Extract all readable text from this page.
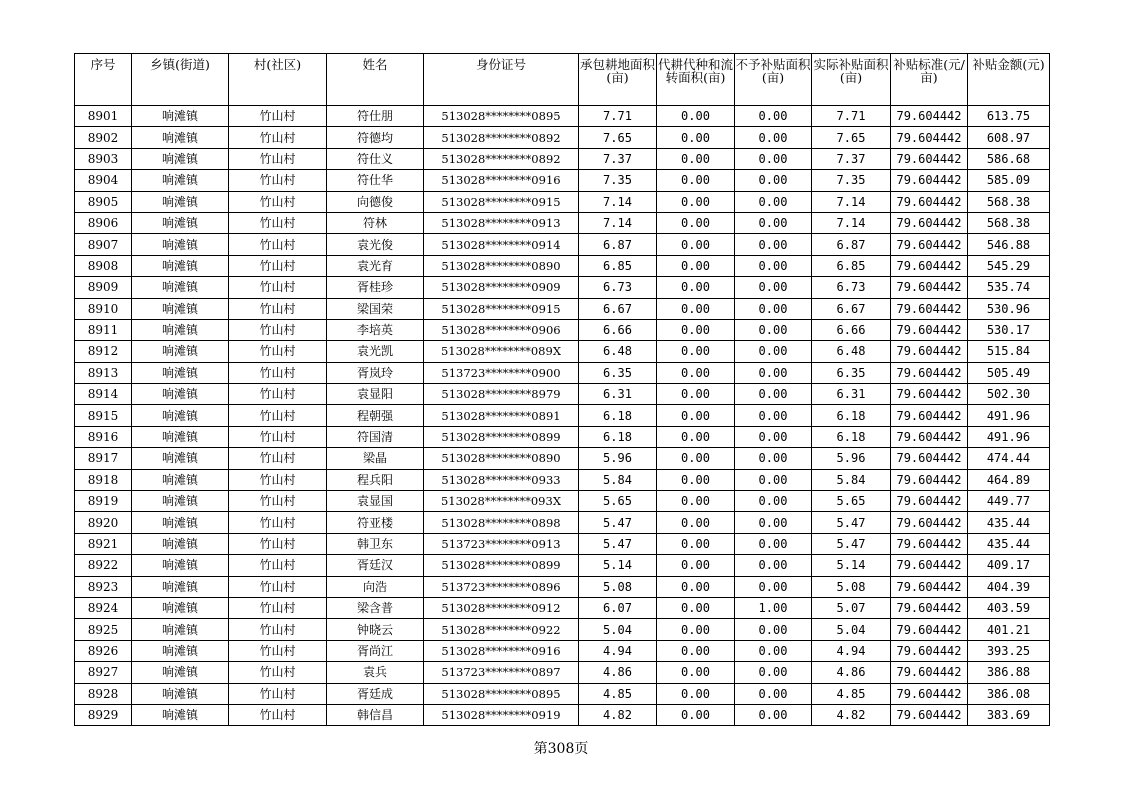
序号	乡镇(街道)	村(社区)	姓名	身份证号	承包耕地面积(亩)	代耕代种和流转面积(亩)	不予补贴面积(亩)	实际补贴面积(亩)	补贴标准(元/亩)	补贴金额(元)
8901	响滩镇	竹山村	符仕朋	513028********0895	7.71	0.00	0.00	7.71	79.604442	613.75
8902	响滩镇	竹山村	符德均	513028********0892	7.65	0.00	0.00	7.65	79.604442	608.97
8903	响滩镇	竹山村	符仕义	513028********0892	7.37	0.00	0.00	7.37	79.604442	586.68
8904	响滩镇	竹山村	符仕华	513028********0916	7.35	0.00	0.00	7.35	79.604442	585.09
8905	响滩镇	竹山村	向德俊	513028********0915	7.14	0.00	0.00	7.14	79.604442	568.38
8906	响滩镇	竹山村	符林	513028********0913	7.14	0.00	0.00	7.14	79.604442	568.38
8907	响滩镇	竹山村	袁光俊	513028********0914	6.87	0.00	0.00	6.87	79.604442	546.88
8908	响滩镇	竹山村	袁光育	513028********0890	6.85	0.00	0.00	6.85	79.604442	545.29
8909	响滩镇	竹山村	胥桂珍	513028********0909	6.73	0.00	0.00	6.73	79.604442	535.74
8910	响滩镇	竹山村	梁国荣	513028********0915	6.67	0.00	0.00	6.67	79.604442	530.96
8911	响滩镇	竹山村	李培英	513028********0906	6.66	0.00	0.00	6.66	79.604442	530.17
8912	响滩镇	竹山村	袁光凯	513028********089X	6.48	0.00	0.00	6.48	79.604442	515.84
8913	响滩镇	竹山村	胥岚玲	513723********0900	6.35	0.00	0.00	6.35	79.604442	505.49
8914	响滩镇	竹山村	袁显阳	513028********8979	6.31	0.00	0.00	6.31	79.604442	502.30
8915	响滩镇	竹山村	程朝强	513028********0891	6.18	0.00	0.00	6.18	79.604442	491.96
8916	响滩镇	竹山村	符国清	513028********0899	6.18	0.00	0.00	6.18	79.604442	491.96
8917	响滩镇	竹山村	梁晶	513028********0890	5.96	0.00	0.00	5.96	79.604442	474.44
8918	响滩镇	竹山村	程兵阳	513028********0933	5.84	0.00	0.00	5.84	79.604442	464.89
8919	响滩镇	竹山村	袁显国	513028********093X	5.65	0.00	0.00	5.65	79.604442	449.77
8920	响滩镇	竹山村	符亚楼	513028********0898	5.47	0.00	0.00	5.47	79.604442	435.44
8921	响滩镇	竹山村	韩卫东	513723********0913	5.47	0.00	0.00	5.47	79.604442	435.44
8922	响滩镇	竹山村	胥廷汉	513028********0899	5.14	0.00	0.00	5.14	79.604442	409.17
8923	响滩镇	竹山村	向浩	513723********0896	5.08	0.00	0.00	5.08	79.604442	404.39
8924	响滩镇	竹山村	梁含普	513028********0912	6.07	0.00	1.00	5.07	79.604442	403.59
8925	响滩镇	竹山村	钟晓云	513028********0922	5.04	0.00	0.00	5.04	79.604442	401.21
8926	响滩镇	竹山村	胥尚江	513028********0916	4.94	0.00	0.00	4.94	79.604442	393.25
8927	响滩镇	竹山村	袁兵	513723********0897	4.86	0.00	0.00	4.86	79.604442	386.88
8928	响滩镇	竹山村	胥廷成	513028********0895	4.85	0.00	0.00	4.85	79.604442	386.08
8929	响滩镇	竹山村	韩信昌	513028********0919	4.82	0.00	0.00	4.82	79.604442	383.69
第308页
